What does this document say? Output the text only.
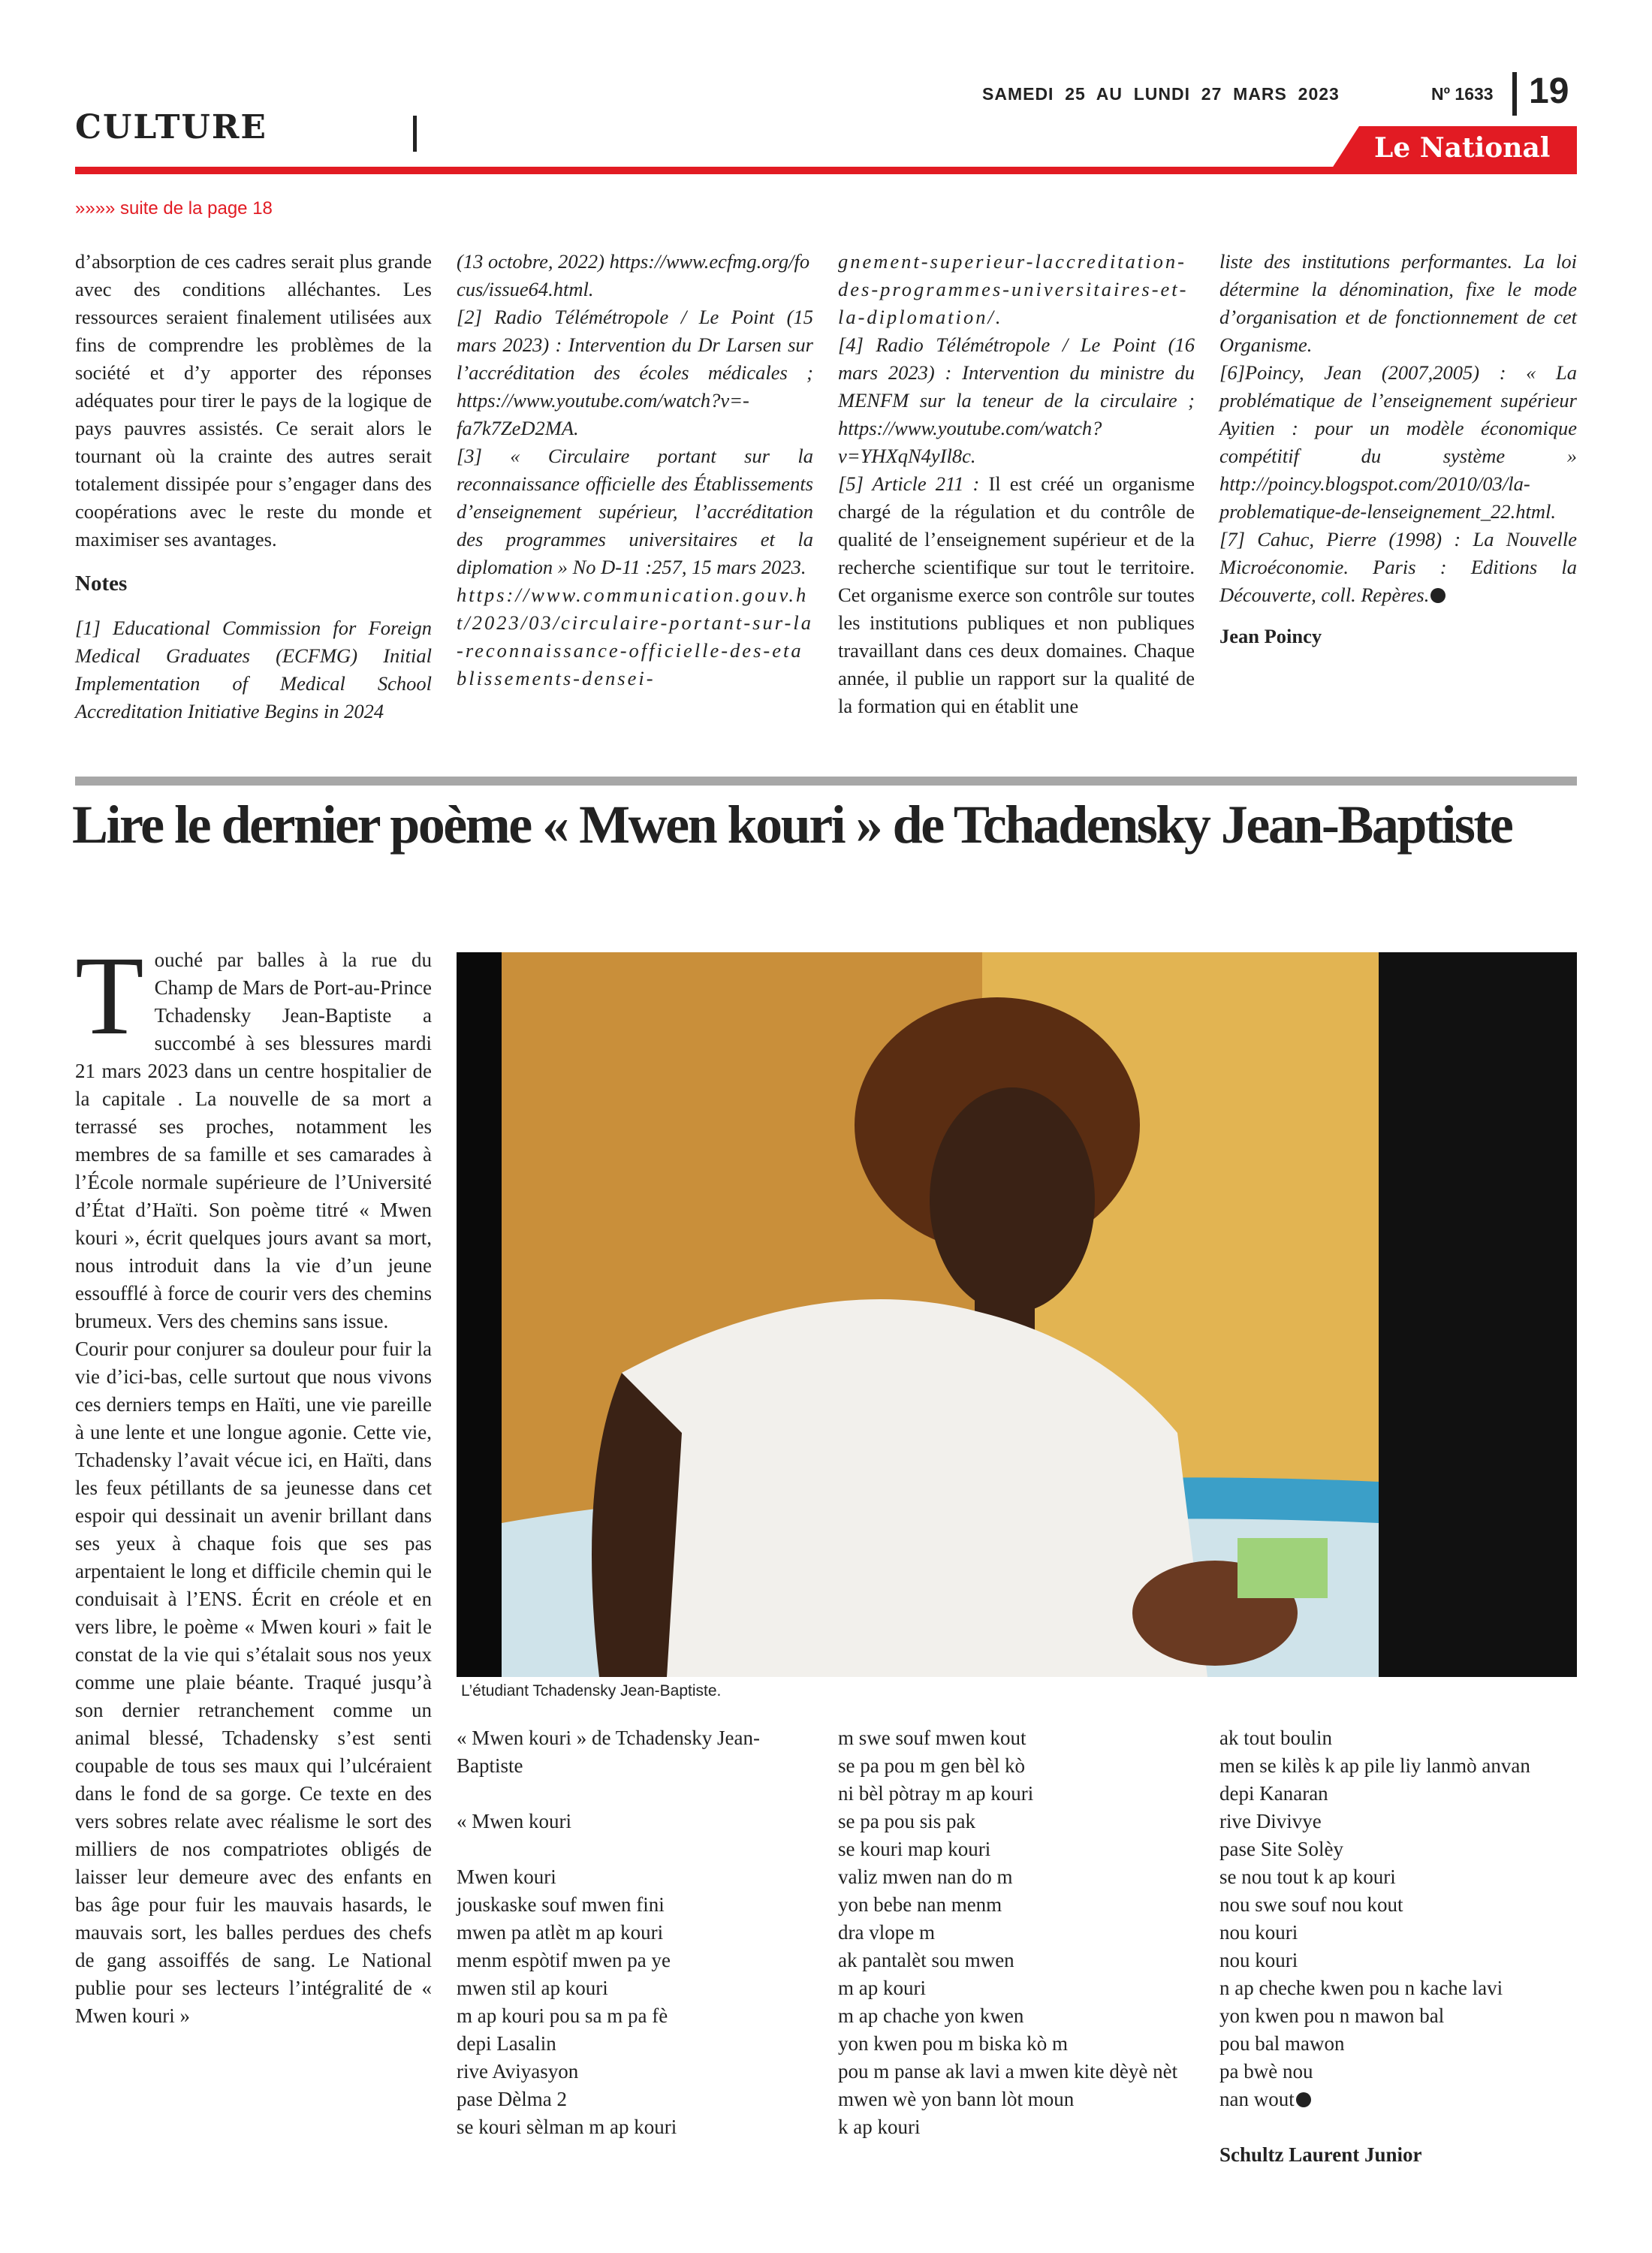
SAMEDI  25  AU  LUNDI  27  MARS  2023	Nº 1633 19
CULTURE
Le National
»»»» suite de la page 18

d’absorption de ces cadres serait plus grande avec des conditions alléchantes. Les ressources seraient finalement utilisées aux fins de comprendre les problèmes de la société et d’y apporter des réponses adéquates pour tirer le pays de la logique de pays pauvres assistés. Ce serait alors le tournant où la crainte des autres serait totalement dissipée pour s’engager dans des coopérations avec le reste du monde et maximiser ses avantages.

Notes

[1] Educational Commission for Foreign Medical Graduates (ECFMG) Initial Implementation of Medical School Accreditation Initiative Begins in 2024

(13 octobre, 2022) https://www.ecfmg.org/focus/issue64.html.

[2] Radio Télémétropole / Le Point (15 mars 2023) : Intervention du Dr Larsen sur l’accréditation des écoles médicales ; https://www.youtube.com/watch?v=-fa7k7ZeD2MA.

[3] « Circulaire portant sur la reconnaissance officielle des Établissements d’enseignement supérieur, l’accréditation des programmes universitaires et la diplomation » No D-11 :257, 15 mars 2023.

https://www.communication.gouv.ht/2023/03/circulaire-portant-sur-la-reconnaissance-officielle-des-etablissements-densei-

gnement-superieur-laccreditation-des-programmes-universitaires-et-la-diplomation/.

[4] Radio Télémétropole / Le Point (16 mars 2023) : Intervention du ministre du MENFM sur la teneur de la circulaire ; https://www.youtube.com/watch?v=YHXqN4yIl8c.

[5] Article 211 : Il est créé un organisme chargé de la régulation et du contrôle de qualité de l’enseignement supérieur et de la recherche scientifique sur tout le territoire. Cet organisme exerce son contrôle sur toutes les institutions publiques et non publiques travaillant dans ces deux domaines. Chaque année, il publie un rapport sur la qualité de la formation qui en établit une

liste des institutions performantes. La loi détermine la dénomination, fixe le mode d’organisation et de fonctionnement de cet Organisme.

[6]Poincy, Jean (2007,2005) : « La problématique de l’enseignement supérieur Ayitien : pour un modèle économique compétitif du système » http://poincy.blogspot.com/2010/03/la-problematique-de-lenseignement_22.html.

[7] Cahuc, Pierre (1998) : La Nouvelle Microéconomie. Paris : Editions la Découverte, coll. Repères.

Jean Poincy
Lire le dernier poème « Mwen kouri » de Tchadensky Jean-Baptiste

Touché par balles à la rue du Champ de Mars de Port-au-Prince Tchadensky Jean-Baptiste a succombé à ses blessures mardi 21 mars 2023 dans un centre hospitalier de la capitale . La nouvelle de sa mort a terrassé ses proches, notamment les membres de sa famille et ses camarades à l’École normale supérieure de l’Université d’État d’Haïti. Son poème titré « Mwen kouri », écrit quelques jours avant sa mort, nous introduit dans la vie d’un jeune essoufflé à force de courir vers des chemins brumeux. Vers des chemins sans issue.

Courir pour conjurer sa douleur pour fuir la vie d’ici-bas, celle surtout que nous vivons ces derniers temps en Haïti, une vie pareille à une lente et une longue agonie. Cette vie, Tchadensky l’avait vécue ici, en Haïti, dans les feux pétillants de sa jeunesse dans cet espoir qui dessinait un avenir brillant dans ses yeux à chaque fois que ses pas arpentaient le long et difficile chemin qui le conduisait à l’ENS. Écrit en créole et en vers libre, le poème « Mwen kouri » fait le constat de la vie qui s’étalait sous nos yeux comme une plaie béante. Traqué jusqu’à son dernier retranchement comme un animal blessé, Tchadensky s’est senti coupable de tous ses maux qui l’ulcéraient dans le fond de sa gorge. Ce texte en des vers sobres relate avec réalisme le sort des milliers de nos compatriotes obligés de laisser leur demeure avec des enfants en bas âge pour fuir les mauvais hasards, le mauvais sort, les balles perdues des chefs de gang assoiffés de sang. Le National publie pour ses lecteurs l’intégralité de « Mwen kouri »

L’étudiant Tchadensky Jean-Baptiste.
« Mwen kouri » de Tchadensky Jean-Baptiste
« Mwen kouri
Mwen kouri
jouskaske souf mwen fini
mwen pa atlèt m ap kouri
menm espòtif mwen pa ye
mwen stil ap kouri
m ap kouri pou sa m pa fè
depi Lasalin
rive Aviyasyon
pase Dèlma 2
se kouri sèlman m ap kouri
m swe souf mwen kout
se pa pou m gen bèl kò
ni bèl pòtray m ap kouri
se pa pou sis pak
se kouri map kouri
valiz mwen nan do m
yon bebe nan menm
dra vlope m
ak pantalèt sou mwen
m ap kouri
m ap chache yon kwen
yon kwen pou m biska kò m
pou m panse ak lavi a mwen kite dèyè nèt
mwen wè yon bann lòt moun
k ap kouri
ak tout boulin
men se kilès k ap pile liy lanmò anvan
depi Kanaran
rive Divivye
pase Site Solèy
se nou tout k ap kouri
nou swe souf nou kout
nou kouri
nou kouri
n ap cheche kwen pou n kache lavi
yon kwen pou n mawon bal
pou bal mawon
pa bwè nou
nan wout
Schultz Laurent Junior
